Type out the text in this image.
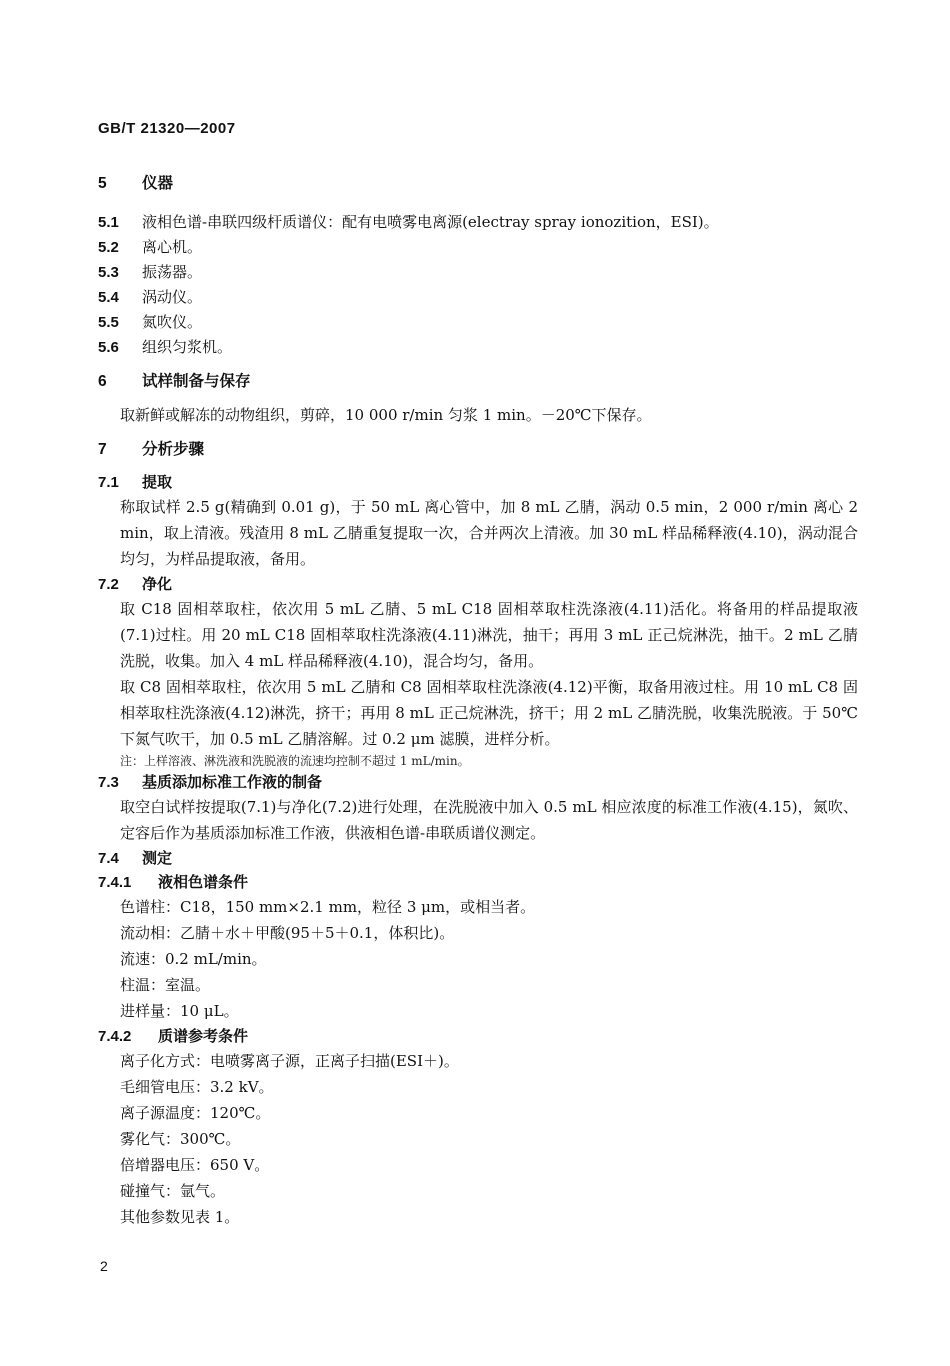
GB/T 21320—2007
5 仪器
5.1 液相色谱-串联四级杆质谱仪：配有电喷雾电离源(electray spray ionozition，ESI)。
5.2 离心机。
5.3 振荡器。
5.4 涡动仪。
5.5 氮吹仪。
5.6 组织匀浆机。
6 试样制备与保存
取新鲜或解冻的动物组织，剪碎，10 000 r/min 匀浆 1 min。－20℃下保存。
7 分析步骤
7.1 提取
称取试样 2.5 g(精确到 0.01 g)，于 50 mL 离心管中，加 8 mL 乙腈，涡动 0.5 min，2 000 r/min 离心 2 min，取上清液。残渣用 8 mL 乙腈重复提取一次，合并两次上清液。加 30 mL 样品稀释液(4.10)，涡动混合均匀，为样品提取液，备用。
7.2 净化
取 C18 固相萃取柱，依次用 5 mL 乙腈、5 mL C18 固相萃取柱洗涤液(4.11)活化。将备用的样品提取液(7.1)过柱。用 20 mL C18 固相萃取柱洗涤液(4.11)淋洗，抽干；再用 3 mL 正己烷淋洗，抽干。2 mL 乙腈洗脱，收集。加入 4 mL 样品稀释液(4.10)，混合均匀，备用。
取 C8 固相萃取柱，依次用 5 mL 乙腈和 C8 固相萃取柱洗涤液(4.12)平衡，取备用液过柱。用 10 mL C8 固相萃取柱洗涤液(4.12)淋洗，挤干；再用 8 mL 正己烷淋洗，挤干；用 2 mL 乙腈洗脱，收集洗脱液。于 50℃下氮气吹干，加 0.5 mL 乙腈溶解。过 0.2 μm 滤膜，进样分析。
注：上样溶液、淋洗液和洗脱液的流速均控制不超过 1 mL/min。
7.3 基质添加标准工作液的制备
取空白试样按提取(7.1)与净化(7.2)进行处理，在洗脱液中加入 0.5 mL 相应浓度的标准工作液(4.15)，氮吹、定容后作为基质添加标准工作液，供液相色谱-串联质谱仪测定。
7.4 测定
7.4.1 液相色谱条件
色谱柱：C18，150 mm×2.1 mm，粒径 3 μm，或相当者。
流动相：乙腈＋水＋甲酸(95＋5＋0.1，体积比)。
流速：0.2 mL/min。
柱温：室温。
进样量：10 μL。
7.4.2 质谱参考条件
离子化方式：电喷雾离子源，正离子扫描(ESI＋)。
毛细管电压：3.2 kV。
离子源温度：120℃。
雾化气：300℃。
倍增器电压：650 V。
碰撞气：氩气。
其他参数见表 1。
2
